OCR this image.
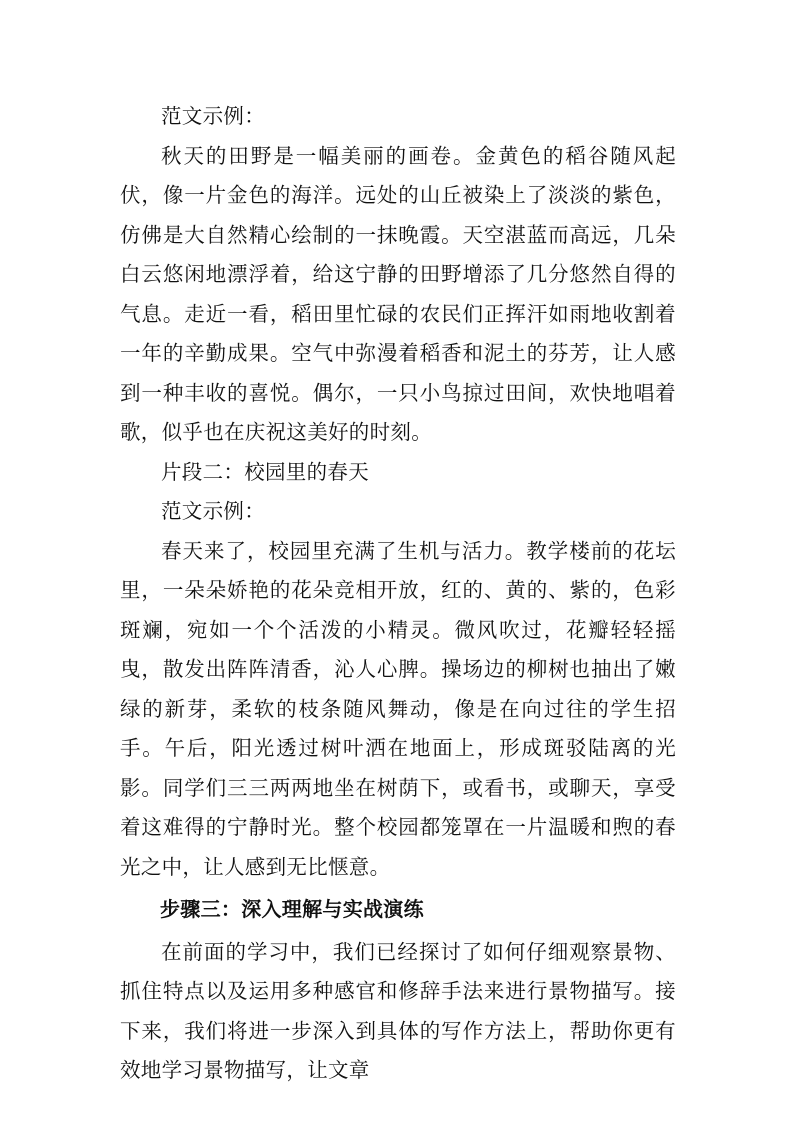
范文示例：

秋天的田野是一幅美丽的画卷。金黄色的稻谷随风起伏，像一片金色的海洋。远处的山丘被染上了淡淡的紫色，仿佛是大自然精心绘制的一抹晚霞。天空湛蓝而高远，几朵白云悠闲地漂浮着，给这宁静的田野增添了几分悠然自得的气息。走近一看，稻田里忙碌的农民们正挥汗如雨地收割着一年的辛勤成果。空气中弥漫着稻香和泥土的芬芳，让人感到一种丰收的喜悦。偶尔，一只小鸟掠过田间，欢快地唱着歌，似乎也在庆祝这美好的时刻。

片段二：校园里的春天

范文示例：

春天来了，校园里充满了生机与活力。教学楼前的花坛里，一朵朵娇艳的花朵竞相开放，红的、黄的、紫的，色彩斑斓，宛如一个个活泼的小精灵。微风吹过，花瓣轻轻摇曳，散发出阵阵清香，沁人心脾。操场边的柳树也抽出了嫩绿的新芽，柔软的枝条随风舞动，像是在向过往的学生招手。午后，阳光透过树叶洒在地面上，形成斑驳陆离的光影。同学们三三两两地坐在树荫下，或看书，或聊天，享受着这难得的宁静时光。整个校园都笼罩在一片温暖和煦的春光之中，让人感到无比惬意。

步骤三：深入理解与实战演练

在前面的学习中，我们已经探讨了如何仔细观察景物、抓住特点以及运用多种感官和修辞手法来进行景物描写。接下来，我们将进一步深入到具体的写作方法上，帮助你更有效地学习景物描写，让文章
